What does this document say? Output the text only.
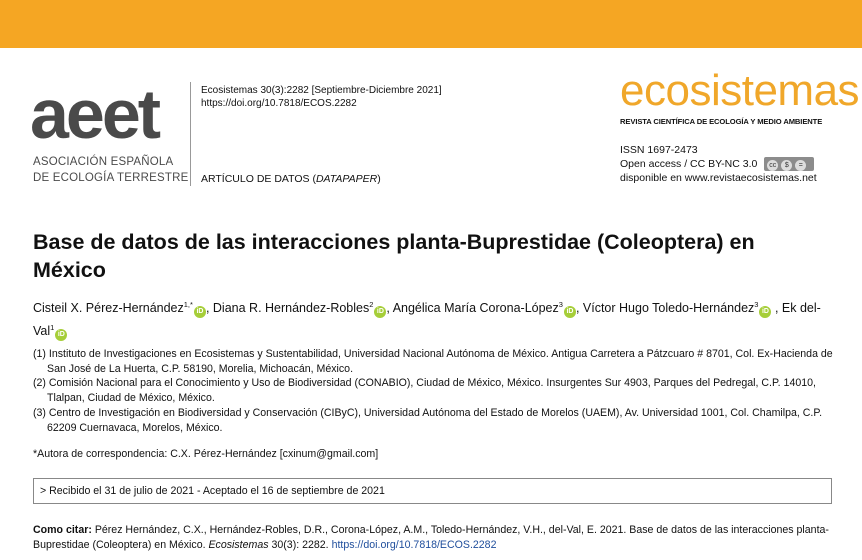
aeet
ASOCIACIÓN ESPAÑOLA
DE ECOLOGÍA TERRESTRE
Ecosistemas 30(3):2282 [Septiembre-Diciembre 2021]
https://doi.org/10.7818/ECOS.2282
ARTÍCULO DE DATOS (DATAPAPER)
ecosistemas
REVISTA CIENTÍFICA DE ECOLOGÍA Y MEDIO AMBIENTE
ISSN 1697-2473
Open access / CC BY-NC 3.0 cc $ =
disponible en www.revistaecosistemas.net
Base de datos de las interacciones planta-Buprestidae (Coleoptera) en México
Cisteil X. Pérez-Hernández$^{1,*}$iD , Diana R. Hernández-Robles$^2$iD , Angélica María Corona-López$^3$iD , Víctor Hugo Toledo-Hernández$^3$iD , Ek del-Val$^1$iD

(1) Instituto de Investigaciones en Ecosistemas y Sustentabilidad, Universidad Nacional Autónoma de México. Antigua Carretera a Pátzcuaro # 8701, Col. Ex-Hacienda de San José de La Huerta, C.P. 58190, Morelia, Michoacán, México.

(2) Comisión Nacional para el Conocimiento y Uso de Biodiversidad (CONABIO), Ciudad de México, México. Insurgentes Sur 4903, Parques del Pedregal, C.P. 14010, Tlalpan, Ciudad de México, México.

(3) Centro de Investigación en Biodiversidad y Conservación (CIByC), Universidad Autónoma del Estado de Morelos (UAEM), Av. Universidad 1001, Col. Chamilpa, C.P. 62209 Cuernavaca, Morelos, México.

*Autora de correspondencia: C.X. Pérez-Hernández [cxinum@gmail.com]
> Recibido el 31 de julio de 2021 - Aceptado el 16 de septiembre de 2021
Como citar: Pérez Hernández, C.X., Hernández-Robles, D.R., Corona-López, A.M., Toledo-Hernández, V.H., del-Val, E. 2021. Base de datos de las interacciones planta-Buprestidae (Coleoptera) en México. Ecosistemas 30(3): 2282. https://doi.org/10.7818/ECOS.2282
